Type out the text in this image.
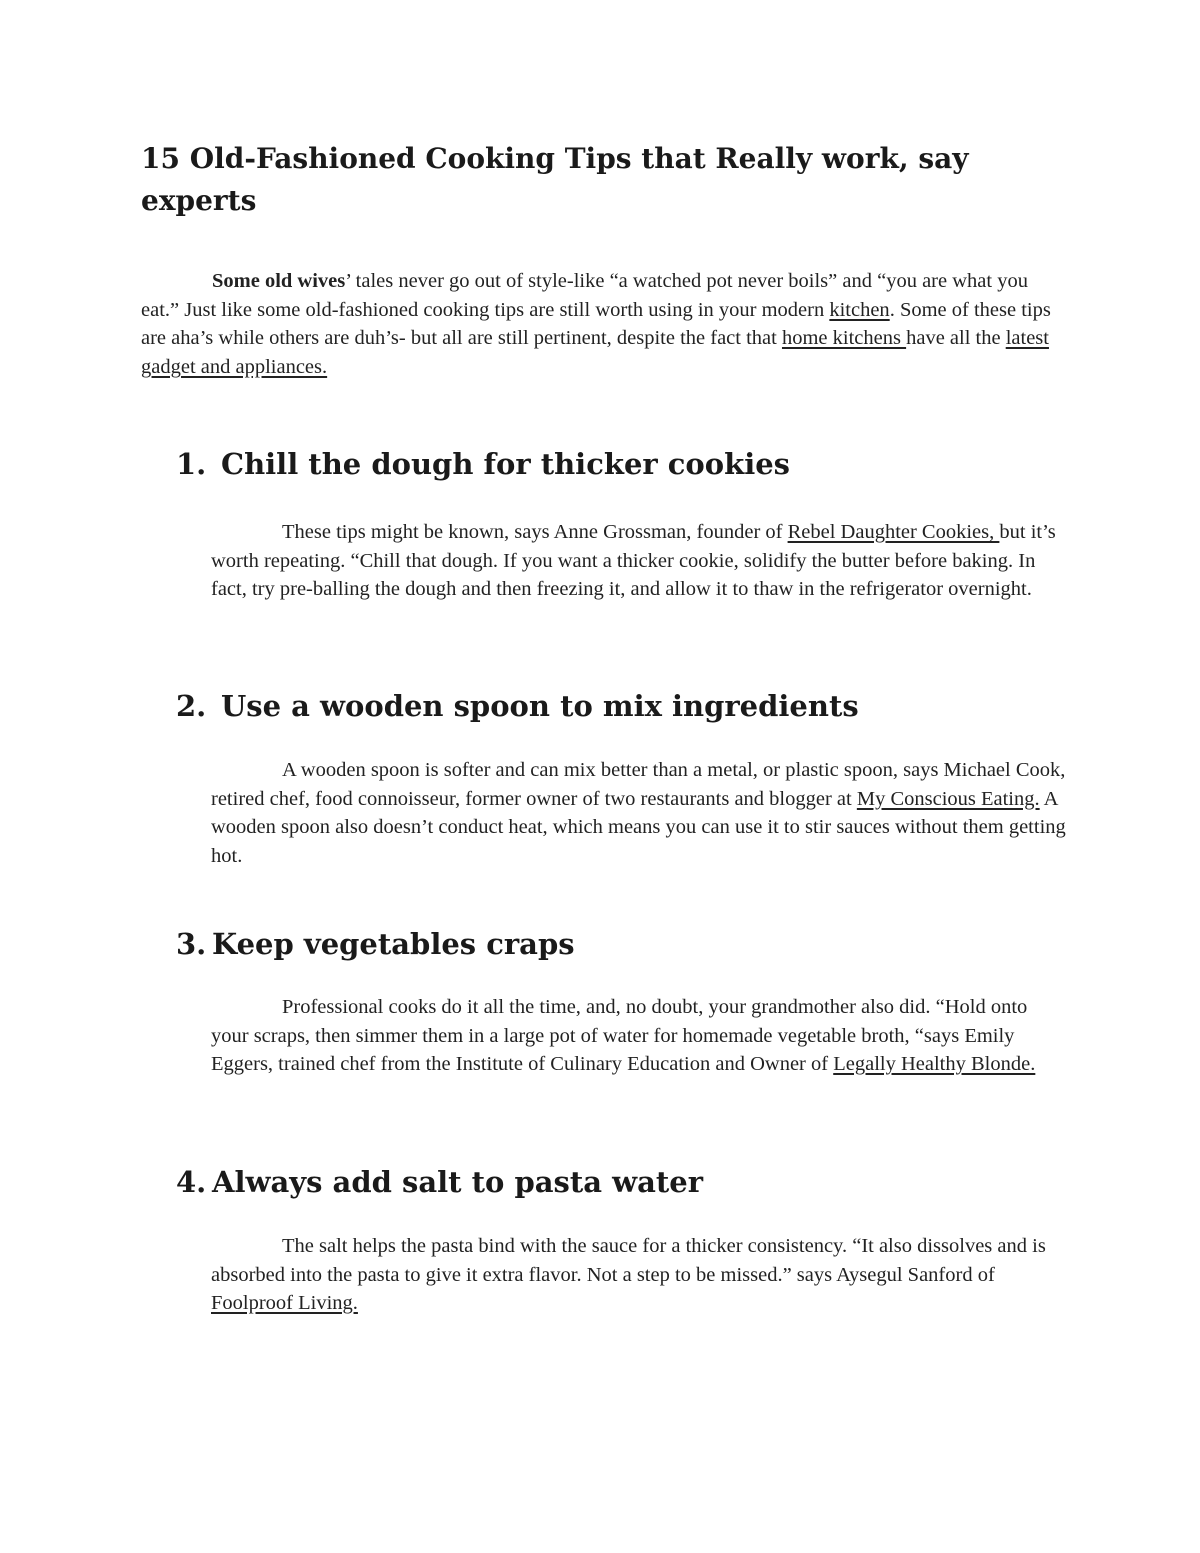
15 Old-Fashioned Cooking Tips that Really work, say experts

Some old wives’ tales never go out of style-like “a watched pot never boils” and “you are what you eat.” Just like some old-fashioned cooking tips are still worth using in your modern kitchen. Some of these tips are aha’s while others are duh’s- but all are still pertinent, despite the fact that home kitchens have all the latest gadget and appliances.

1. Chill the dough for thicker cookies

These tips might be known, says Anne Grossman, founder of Rebel Daughter Cookies, but it’s worth repeating. “Chill that dough. If you want a thicker cookie, solidify the butter before baking. In fact, try pre-balling the dough and then freezing it, and allow it to thaw in the refrigerator overnight.

2. Use a wooden spoon to mix ingredients

A wooden spoon is softer and can mix better than a metal, or plastic spoon, says Michael Cook, retired chef, food connoisseur, former owner of two restaurants and blogger at My Conscious Eating. A wooden spoon also doesn’t conduct heat, which means you can use it to stir sauces without them getting hot.

3. Keep vegetables craps

Professional cooks do it all the time, and, no doubt, your grandmother also did. “Hold onto your scraps, then simmer them in a large pot of water for homemade vegetable broth, “says Emily Eggers, trained chef from the Institute of Culinary Education and Owner of Legally Healthy Blonde.

4. Always add salt to pasta water

The salt helps the pasta bind with the sauce for a thicker consistency. “It also dissolves and is absorbed into the pasta to give it extra flavor. Not a step to be missed.” says Aysegul Sanford of Foolproof Living.
